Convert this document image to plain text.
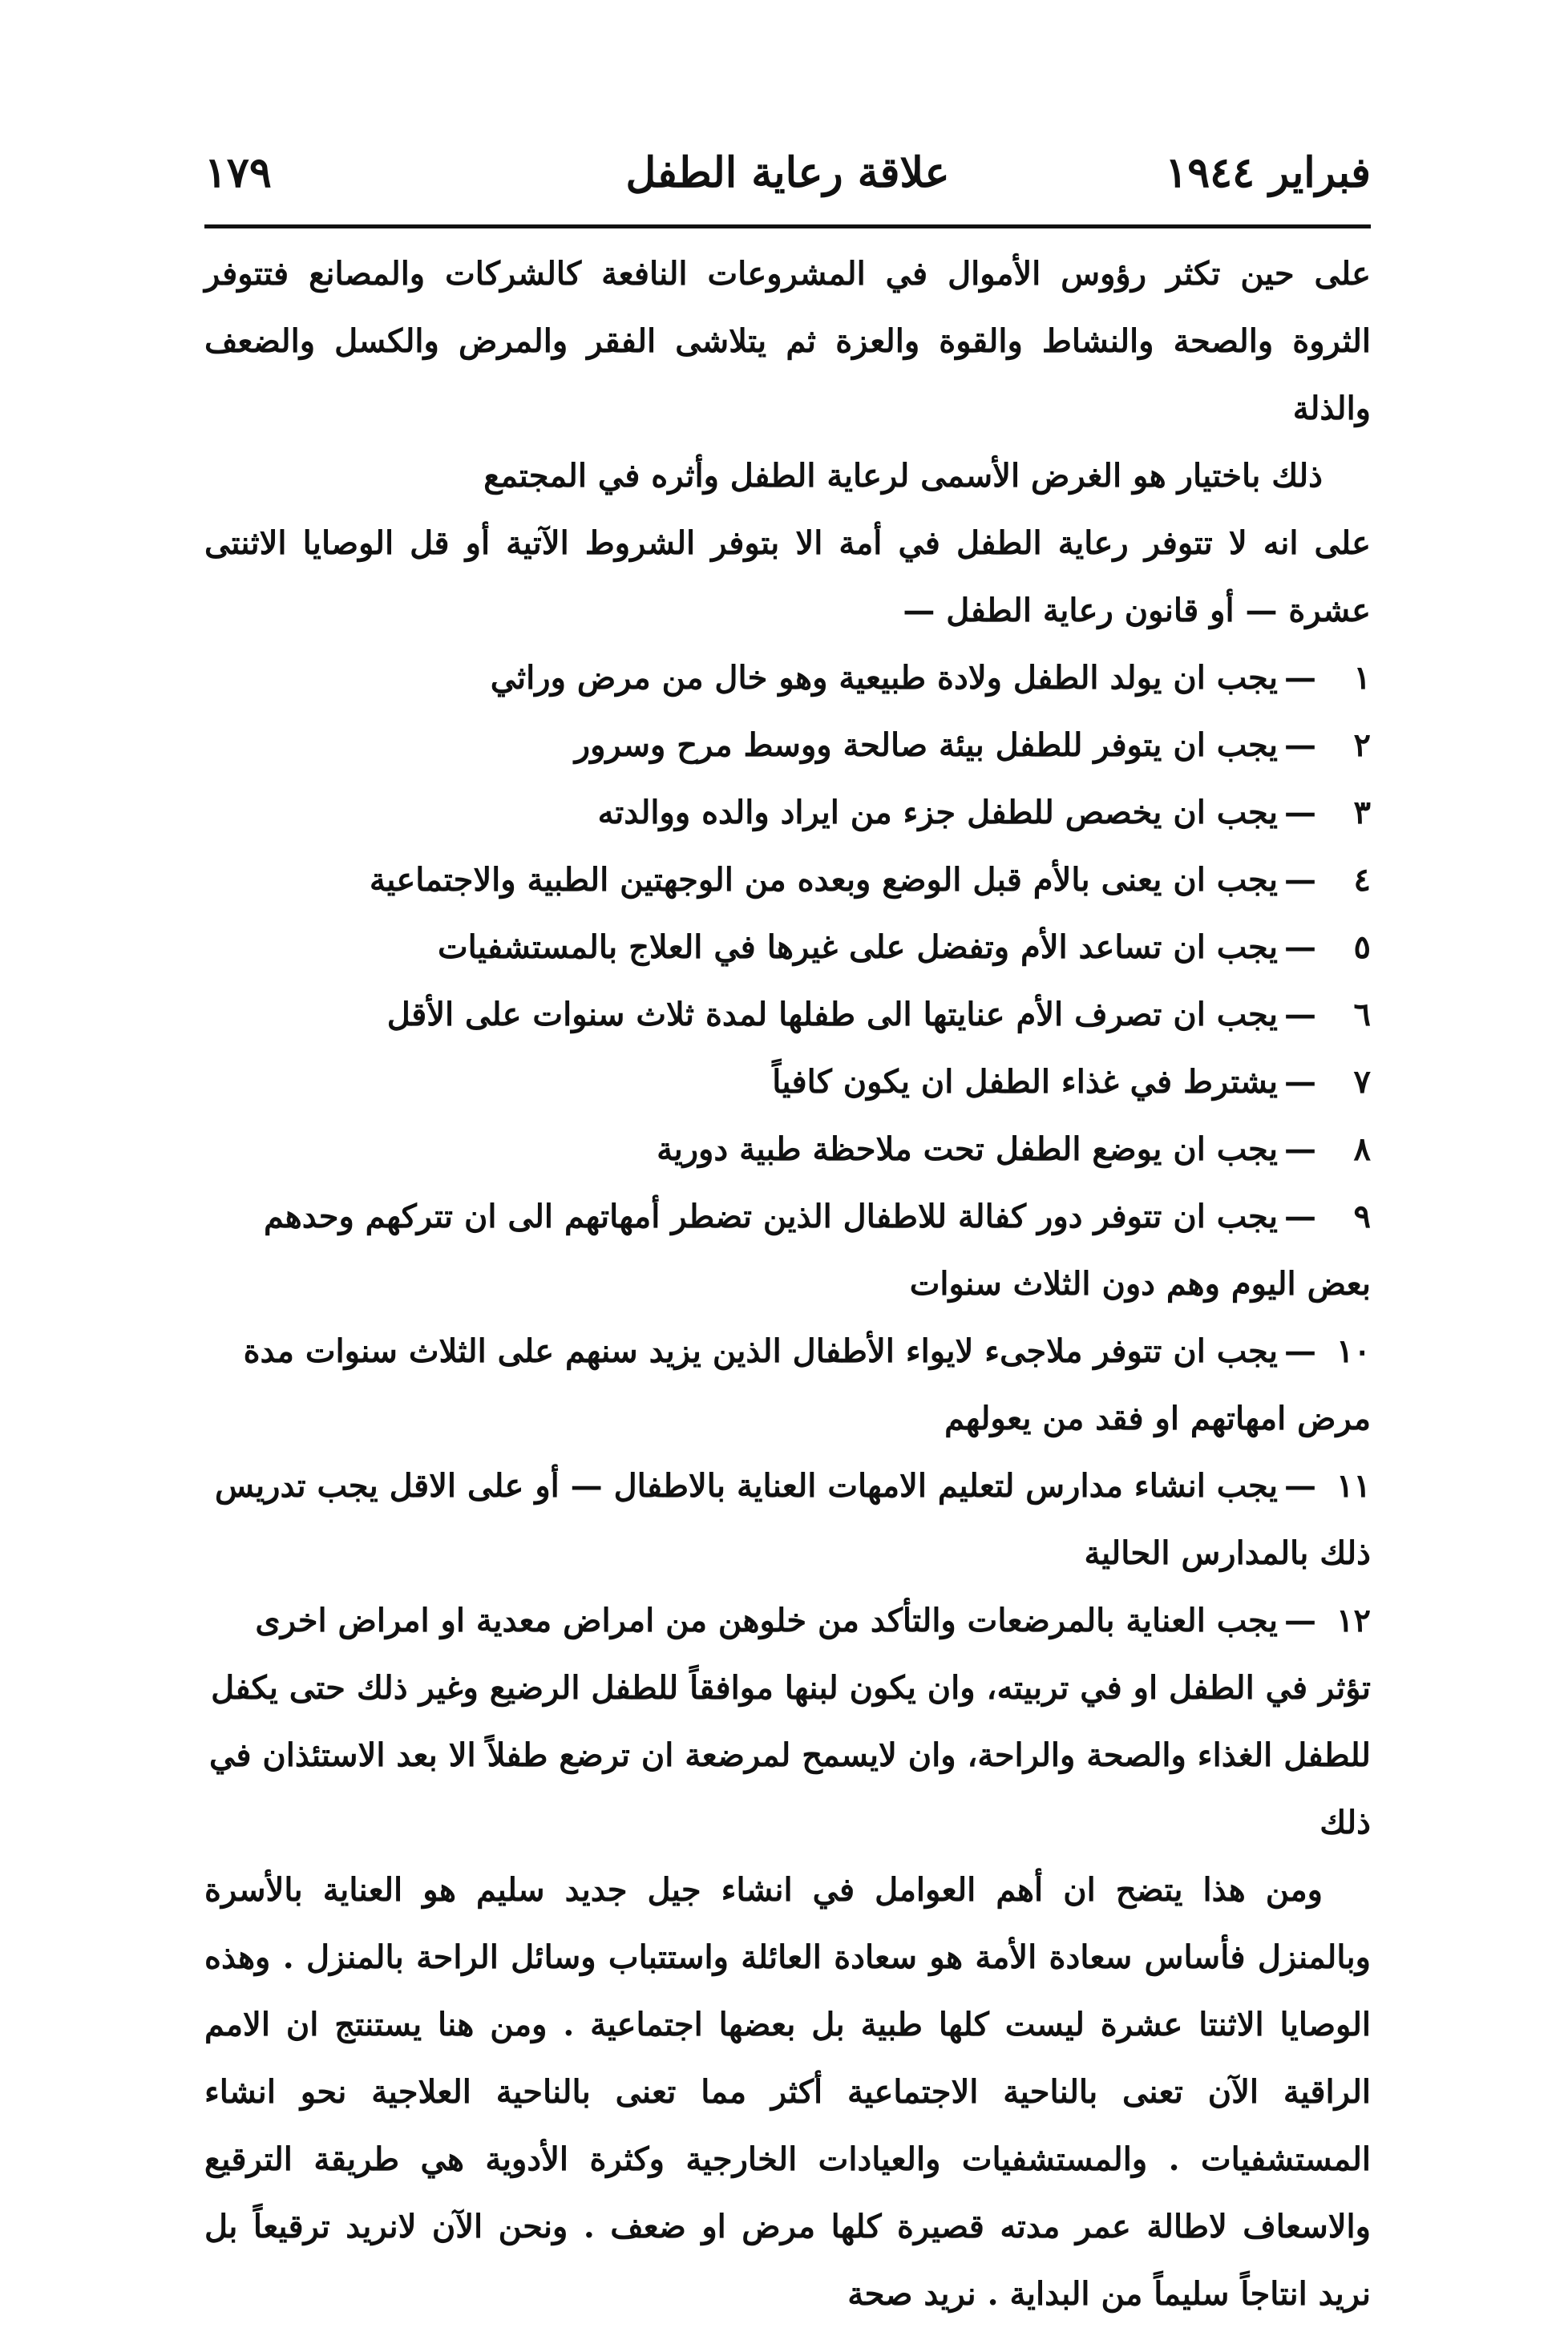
فبراير ١٩٤٤
علاقة رعاية الطفل
١٧٩

على حين تكثر رؤوس الأموال في المشروعات النافعة كالشركات والمصانع فتتوفر الثروة والصحة والنشاط والقوة والعزة ثم يتلاشى الفقر والمرض والكسل والضعف والذلة

ذلك باختيار هو الغرض الأسمى لرعاية الطفل وأثره في المجتمع

على انه لا تتوفر رعاية الطفل في أمة الا بتوفر الشروط الآتية أو قل الوصايا الاثنتى عشرة — أو قانون رعاية الطفل —

١—يجب ان يولد الطفل ولادة طبيعية وهو خال من مرض وراثي

٢—يجب ان يتوفر للطفل بيئة صالحة ووسط مرح وسرور

٣—يجب ان يخصص للطفل جزء من ايراد والده ووالدته

٤—يجب ان يعنى بالأم قبل الوضع وبعده من الوجهتين الطبية والاجتماعية

٥—يجب ان تساعد الأم وتفضل على غيرها في العلاج بالمستشفيات

٦—يجب ان تصرف الأم عنايتها الى طفلها لمدة ثلاث سنوات على الأقل

٧—يشترط في غذاء الطفل ان يكون كافياً

٨—يجب ان يوضع الطفل تحت ملاحظة طبية دورية

٩—يجب ان تتوفر دور كفالة للاطفال الذين تضطر أمهاتهم الى ان تتركهم وحدهم بعض اليوم وهم دون الثلاث سنوات

١٠—يجب ان تتوفر ملاجىء لايواء الأطفال الذين يزيد سنهم على الثلاث سنوات مدة مرض امهاتهم او فقد من يعولهم

١١—يجب انشاء مدارس لتعليم الامهات العناية بالاطفال — أو على الاقل يجب تدريس ذلك بالمدارس الحالية

١٢—يجب العناية بالمرضعات والتأكد من خلوهن من امراض معدية او امراض اخرى تؤثر في الطفل او في تربيته، وان يكون لبنها موافقاً للطفل الرضيع وغير ذلك حتى يكفل للطفل الغذاء والصحة والراحة، وان لايسمح لمرضعة ان ترضع طفلاً الا بعد الاستئذان في ذلك

ومن هذا يتضح ان أهم العوامل في انشاء جيل جديد سليم هو العناية بالأسرة وبالمنزل فأساس سعادة الأمة هو سعادة العائلة واستتباب وسائل الراحة بالمنزل . وهذه الوصايا الاثنتا عشرة ليست كلها طبية بل بعضها اجتماعية . ومن هنا يستنتج ان الامم الراقية الآن تعنى بالناحية الاجتماعية أكثر مما تعنى بالناحية العلاجية نحو انشاء المستشفيات . والمستشفيات والعيادات الخارجية وكثرة الأدوية هي طريقة الترقيع والاسعاف لاطالة عمر مدته قصيرة كلها مرض او ضعف . ونحن الآن لانريد ترقيعاً بل نريد انتاجاً سليماً من البداية . نريد صحة
